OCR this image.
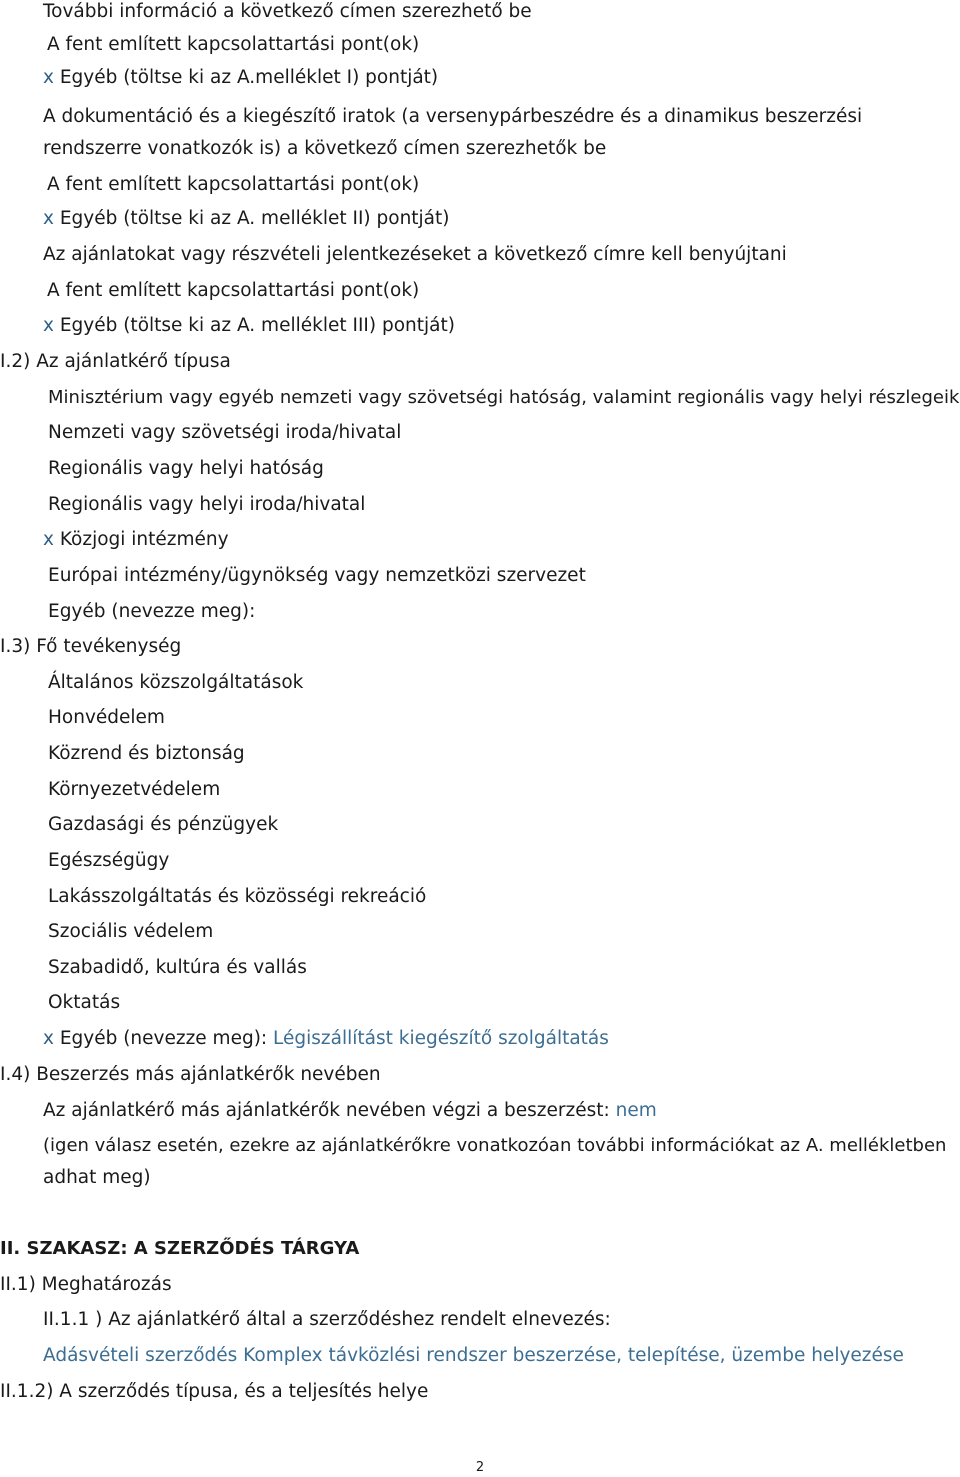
További információ a következő címen szerezhető be
A fent említett kapcsolattartási pont(ok)
x Egyéb (töltse ki az A.melléklet I) pontját)
A dokumentáció és a kiegészítő iratok (a versenypárbeszédre és a dinamikus beszerzési
rendszerre vonatkozók is) a következő címen szerezhetők be
A fent említett kapcsolattartási pont(ok)
x Egyéb (töltse ki az A. melléklet II) pontját)
Az ajánlatokat vagy részvételi jelentkezéseket a következő címre kell benyújtani
A fent említett kapcsolattartási pont(ok)
x Egyéb (töltse ki az A. melléklet III) pontját)
I.2) Az ajánlatkérő típusa
Minisztérium vagy egyéb nemzeti vagy szövetségi hatóság, valamint regionális vagy helyi részlegeik
Nemzeti vagy szövetségi iroda/hivatal
Regionális vagy helyi hatóság
Regionális vagy helyi iroda/hivatal
x Közjogi intézmény
Európai intézmény/ügynökség vagy nemzetközi szervezet
Egyéb (nevezze meg):
I.3) Fő tevékenység
Általános közszolgáltatások
Honvédelem
Közrend és biztonság
Környezetvédelem
Gazdasági és pénzügyek
Egészségügy
Lakásszolgáltatás és közösségi rekreáció
Szociális védelem
Szabadidő, kultúra és vallás
Oktatás
x Egyéb (nevezze meg): Légiszállítást kiegészítő szolgáltatás
I.4) Beszerzés más ajánlatkérők nevében
Az ajánlatkérő más ajánlatkérők nevében végzi a beszerzést: nem
(igen válasz esetén, ezekre az ajánlatkérőkre vonatkozóan további információkat az A. mellékletben
adhat meg)
II. SZAKASZ: A SZERZŐDÉS TÁRGYA
II.1) Meghatározás
II.1.1 ) Az ajánlatkérő által a szerződéshez rendelt elnevezés:
Adásvételi szerződés Komplex távközlési rendszer beszerzése, telepítése, üzembe helyezése
II.1.2) A szerződés típusa, és a teljesítés helye
2
